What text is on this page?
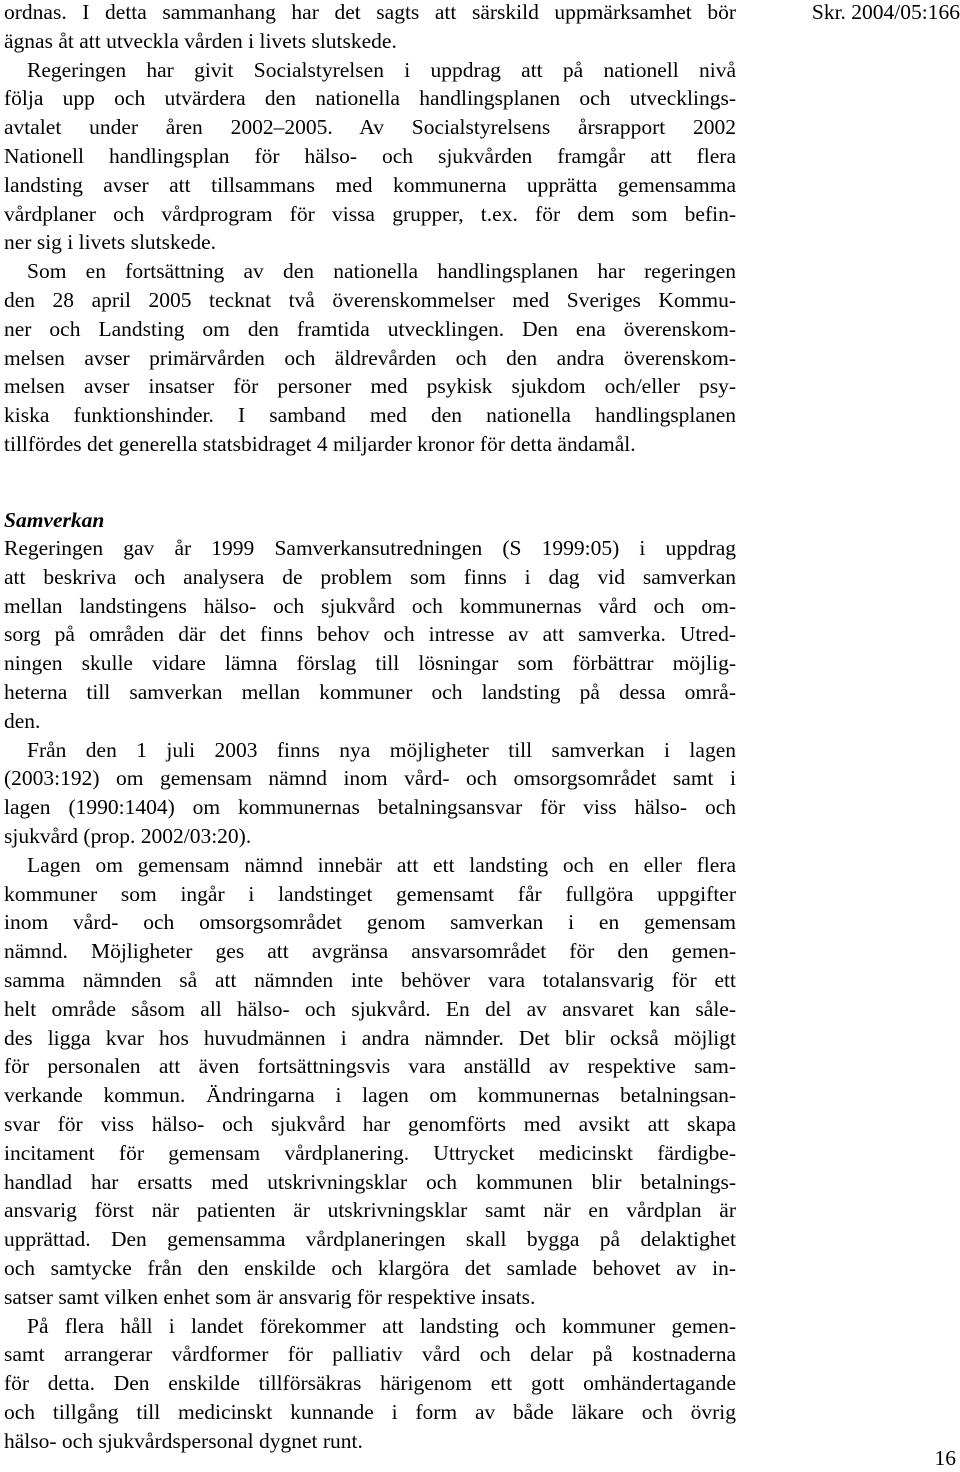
Skr. 2004/05:166
ordnas. I detta sammanhang har det sagts att särskild uppmärksamhet bör
ägnas åt att utveckla vården i livets slutskede.
Regeringen har givit Socialstyrelsen i uppdrag att på nationell nivå
följa upp och utvärdera den nationella handlingsplanen och utvecklings-
avtalet under åren 2002–2005. Av Socialstyrelsens årsrapport 2002
Nationell handlingsplan för hälso- och sjukvården framgår att flera
landsting avser att tillsammans med kommunerna upprätta gemensamma
vårdplaner och vårdprogram för vissa grupper, t.ex. för dem som befin-
ner sig i livets slutskede.
Som en fortsättning av den nationella handlingsplanen har regeringen
den 28 april 2005 tecknat två överenskommelser med Sveriges Kommu-
ner och Landsting om den framtida utvecklingen. Den ena överenskom-
melsen avser primärvården och äldrevården och den andra överenskom-
melsen avser insatser för personer med psykisk sjukdom och/eller psy-
kiska funktionshinder. I samband med den nationella handlingsplanen
tillfördes det generella statsbidraget 4 miljarder kronor för detta ändamål.
Samverkan
Regeringen gav år 1999 Samverkansutredningen (S 1999:05) i uppdrag
att beskriva och analysera de problem som finns i dag vid samverkan
mellan landstingens hälso- och sjukvård och kommunernas vård och om-
sorg på områden där det finns behov och intresse av att samverka. Utred-
ningen skulle vidare lämna förslag till lösningar som förbättrar möjlig-
heterna till samverkan mellan kommuner och landsting på dessa områ-
den.
Från den 1 juli 2003 finns nya möjligheter till samverkan i lagen
(2003:192) om gemensam nämnd inom vård- och omsorgsområdet samt i
lagen (1990:1404) om kommunernas betalningsansvar för viss hälso- och
sjukvård (prop. 2002/03:20).
Lagen om gemensam nämnd innebär att ett landsting och en eller flera
kommuner som ingår i landstinget gemensamt får fullgöra uppgifter
inom vård- och omsorgsområdet genom samverkan i en gemensam
nämnd. Möjligheter ges att avgränsa ansvarsområdet för den gemen-
samma nämnden så att nämnden inte behöver vara totalansvarig för ett
helt område såsom all hälso- och sjukvård. En del av ansvaret kan såle-
des ligga kvar hos huvudmännen i andra nämnder. Det blir också möjligt
för personalen att även fortsättningsvis vara anställd av respektive sam-
verkande kommun. Ändringarna i lagen om kommunernas betalningsan-
svar för viss hälso- och sjukvård har genomförts med avsikt att skapa
incitament för gemensam vårdplanering. Uttrycket medicinskt färdigbe-
handlad har ersatts med utskrivningsklar och kommunen blir betalnings-
ansvarig först när patienten är utskrivningsklar samt när en vårdplan är
upprättad. Den gemensamma vårdplaneringen skall bygga på delaktighet
och samtycke från den enskilde och klargöra det samlade behovet av in-
satser samt vilken enhet som är ansvarig för respektive insats.
På flera håll i landet förekommer att landsting och kommuner gemen-
samt arrangerar vårdformer för palliativ vård och delar på kostnaderna
för detta. Den enskilde tillförsäkras härigenom ett gott omhändertagande
och tillgång till medicinskt kunnande i form av både läkare och övrig
hälso- och sjukvårdspersonal dygnet runt.
16
